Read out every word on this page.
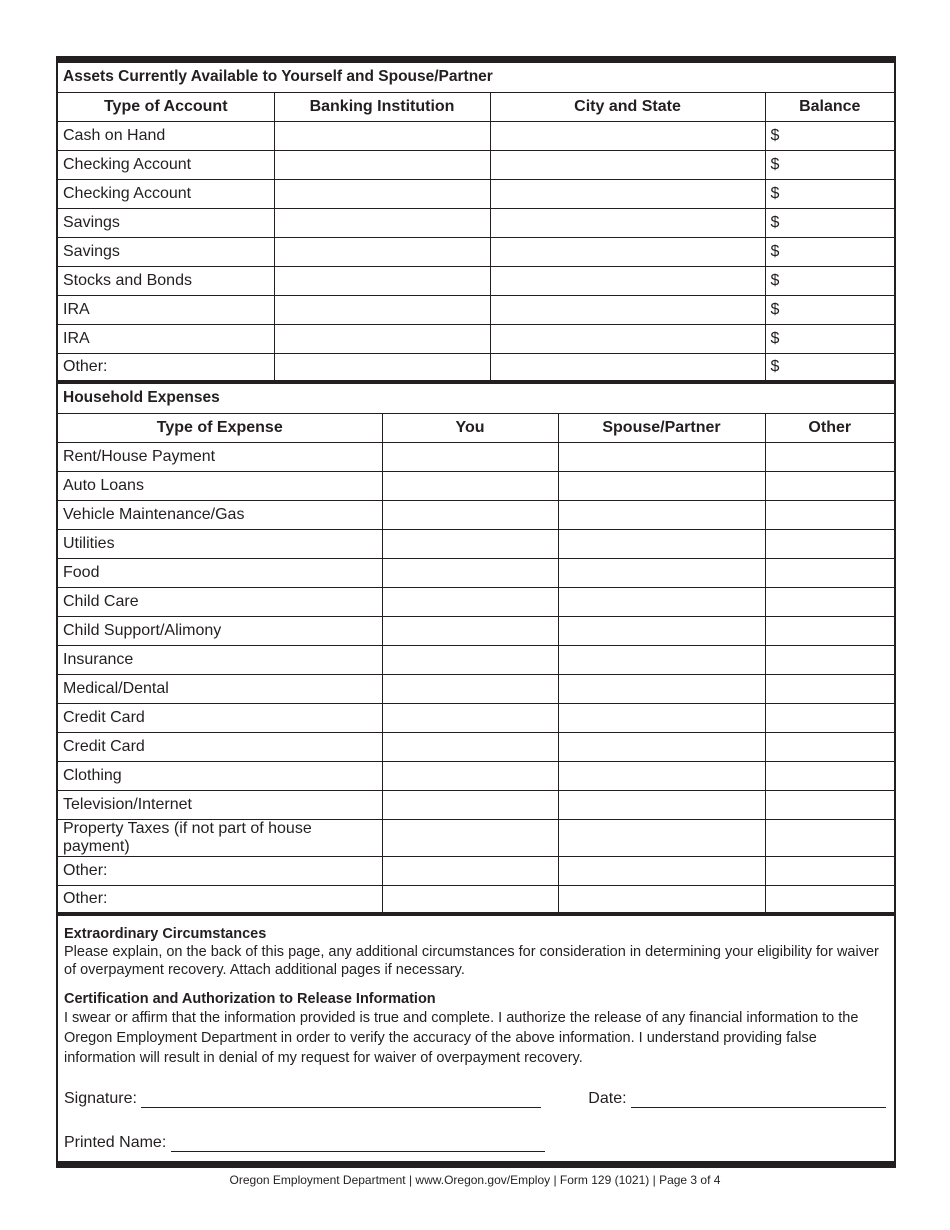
Assets Currently Available to Yourself and Spouse/Partner			
Type of Account	Banking Institution	City and State	Balance
Cash on Hand			$
Checking Account			$
Checking Account			$
Savings			$
Savings			$
Stocks and Bonds			$
IRA			$
IRA			$
Other:			$
Household Expenses			
Type of Expense	You	Spouse/Partner	Other
Rent/House Payment			
Auto Loans			
Vehicle Maintenance/Gas			
Utilities			
Food			
Child Care			
Child Support/Alimony			
Insurance			
Medical/Dental			
Credit Card			
Credit Card			
Clothing			
Television/Internet			
Property Taxes (if not part of house payment)			
Other:			
Other:			
Extraordinary Circumstances

Please explain, on the back of this page, any additional circumstances for consideration in determining your eligibility for waiver of overpayment recovery. Attach additional pages if necessary.

Certification and Authorization to Release Information

I swear or affirm that the information provided is true and complete. I authorize the release of any financial information to the Oregon Employment Department in order to verify the accuracy of the above information. I understand providing false information will result in denial of my request for waiver of overpayment recovery.

Signature:	Date:
Printed Name:
Oregon Employment Department | www.Oregon.gov/Employ | Form 129 (1021) | Page 3 of 4
